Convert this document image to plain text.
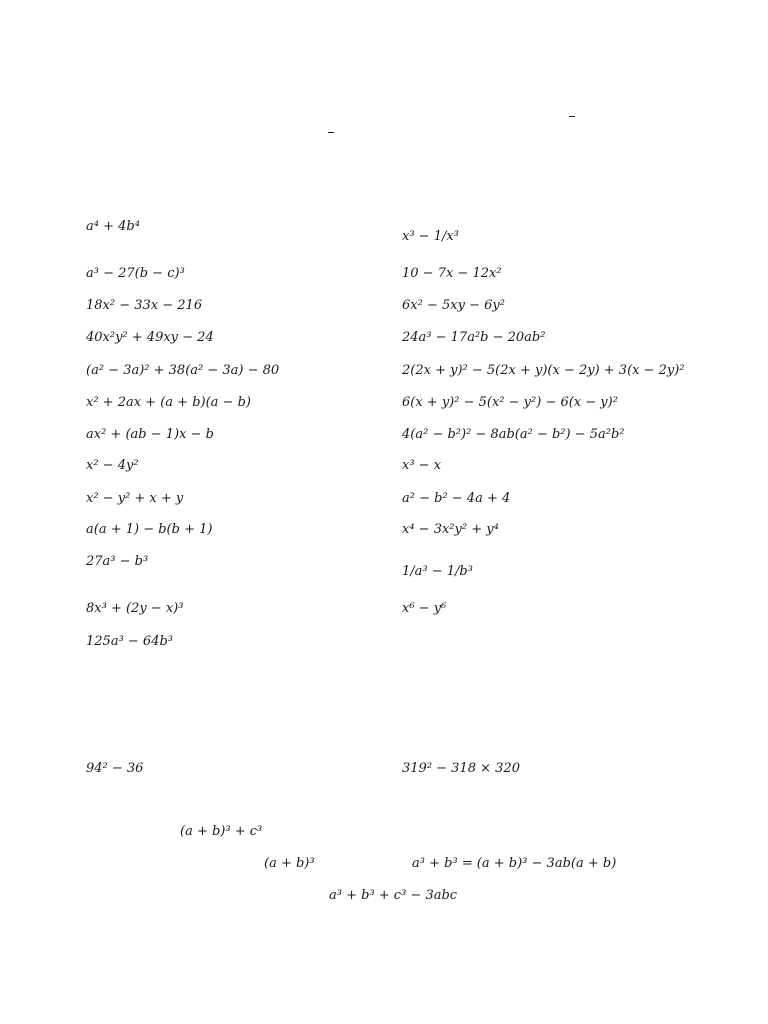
a⁴ + 4b⁴
a³ − 27(b − c)³
18x² − 33x − 216
40x²y² + 49xy − 24
(a² − 3a)² + 38(a² − 3a) − 80
x² + 2ax + (a + b)(a − b)
ax² + (ab − 1)x − b
x² − 4y²
x² − y² + x + y
a(a + 1) − b(b + 1)
27a³ − b³
8x³ + (2y − x)³
125a³ − 64b³
x³ − 1/x³
10 − 7x − 12x²
6x² − 5xy − 6y²
24a³ − 17a²b − 20ab²
2(2x + y)² − 5(2x + y)(x − 2y) + 3(x − 2y)²
6(x + y)² − 5(x² − y²) − 6(x − y)²
4(a² − b²)² − 8ab(a² − b²) − 5a²b²
x³ − x
a² − b² − 4a + 4
x⁴ − 3x²y² + y⁴
1/a³ − 1/b³
x⁶ − y⁶
94² − 36	319² − 318 × 320
(a + b)³ + c³
(a + b)³	a³ + b³ = (a + b)³ − 3ab(a + b)
a³ + b³ + c³ − 3abc
